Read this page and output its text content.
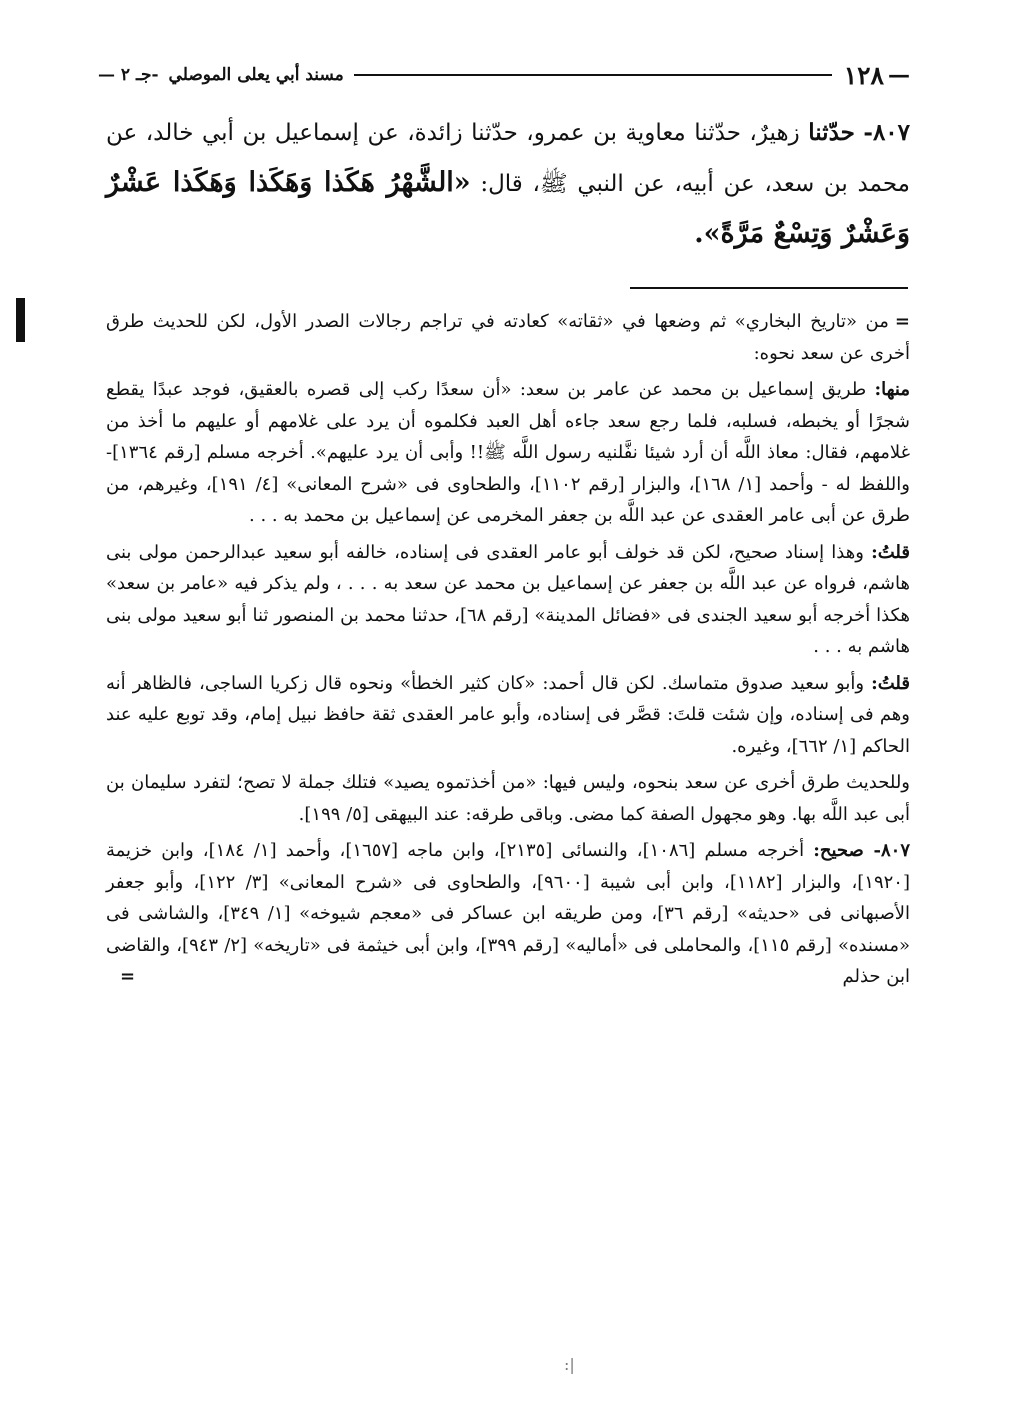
—
١٢٨
مسند أبي يعلى الموصلي
-جـ ٢ —

٨٠٧- حدّثنا زهيرٌ، حدّثنا معاوية بن عمرو، حدّثنا زائدة، عن إسماعيل بن أبي خالد، عن محمد بن سعد، عن أبيه، عن النبي ﷺ، قال: «الشَّهْرُ هَكَذا وَهَكَذا وَهَكَذا عَشْرٌ وَعَشْرٌ وَتِسْعٌ مَرَّةً».

=من «تاريخ البخاري» ثم وضعها في «ثقاته» كعادته في تراجم رجالات الصدر الأول، لكن للحديث طرق أخرى عن سعد نحوه:

منها: طريق إسماعيل بن محمد عن عامر بن سعد: «أن سعدًا ركب إلى قصره بالعقيق، فوجد عبدًا يقطع شجرًا أو يخبطه، فسلبه، فلما رجع سعد جاءه أهل العبد فكلموه أن يرد على غلامهم أو عليهم ما أخذ من غلامهم، فقال: معاذ اللَّه أن أرد شيئا نفَّلنيه رسول اللَّه ﷺ!! وأبى أن يرد عليهم». أخرجه مسلم [رقم ١٣٦٤]- واللفظ له - وأحمد [١/ ١٦٨]، والبزار [رقم ١١٠٢]، والطحاوى فى «شرح المعانى» [٤/ ١٩١]، وغيرهم، من طرق عن أبى عامر العقدى عن عبد اللَّه بن جعفر المخرمى عن إسماعيل بن محمد به . . .

قلتُ: وهذا إسناد صحيح، لكن قد خولف أبو عامر العقدى فى إسناده، خالفه أبو سعيد عبدالرحمن مولى بنى هاشم، فرواه عن عبد اللَّه بن جعفر عن إسماعيل بن محمد عن سعد به . . . ، ولم يذكر فيه «عامر بن سعد» هكذا أخرجه أبو سعيد الجندى فى «فضائل المدينة» [رقم ٦٨]، حدثنا محمد بن المنصور ثنا أبو سعيد مولى بنى هاشم به . . .

قلتُ: وأبو سعيد صدوق متماسك. لكن قال أحمد: «كان كثير الخطأ» ونحوه قال زكريا الساجى، فالظاهر أنه وهم فى إسناده، وإن شئت قلتَ: قصَّر فى إسناده، وأبو عامر العقدى ثقة حافظ نبيل إمام، وقد توبع عليه عند الحاكم [١/ ٦٦٢]، وغيره.

وللحديث طرق أخرى عن سعد بنحوه، وليس فيها: «من أخذتموه يصيد» فتلك جملة لا تصح؛ لتفرد سليمان بن أبى عبد اللَّه بها. وهو مجهول الصفة كما مضى. وباقى طرقه: عند البيهقى [٥/ ١٩٩].

٨٠٧- صحيح: أخرجه مسلم [١٠٨٦]، والنسائى [٢١٣٥]، وابن ماجه [١٦٥٧]، وأحمد [١/ ١٨٤]، وابن خزيمة [١٩٢٠]، والبزار [١١٨٢]، وابن أبى شيبة [٩٦٠٠]، والطحاوى فى «شرح المعانى» [٣/ ١٢٢]، وأبو جعفر الأصبهانى فى «حديثه» [رقم ٣٦]، ومن طريقه ابن عساكر فى «معجم شيوخه» [١/ ٣٤٩]، والشاشى فى «مسنده» [رقم ١١٥]، والمحاملى فى «أماليه» [رقم ٣٩٩]، وابن أبى خيثمة فى «تاريخه» [٢/ ٩٤٣]، والقاضى ابن حذلم
=

|:
